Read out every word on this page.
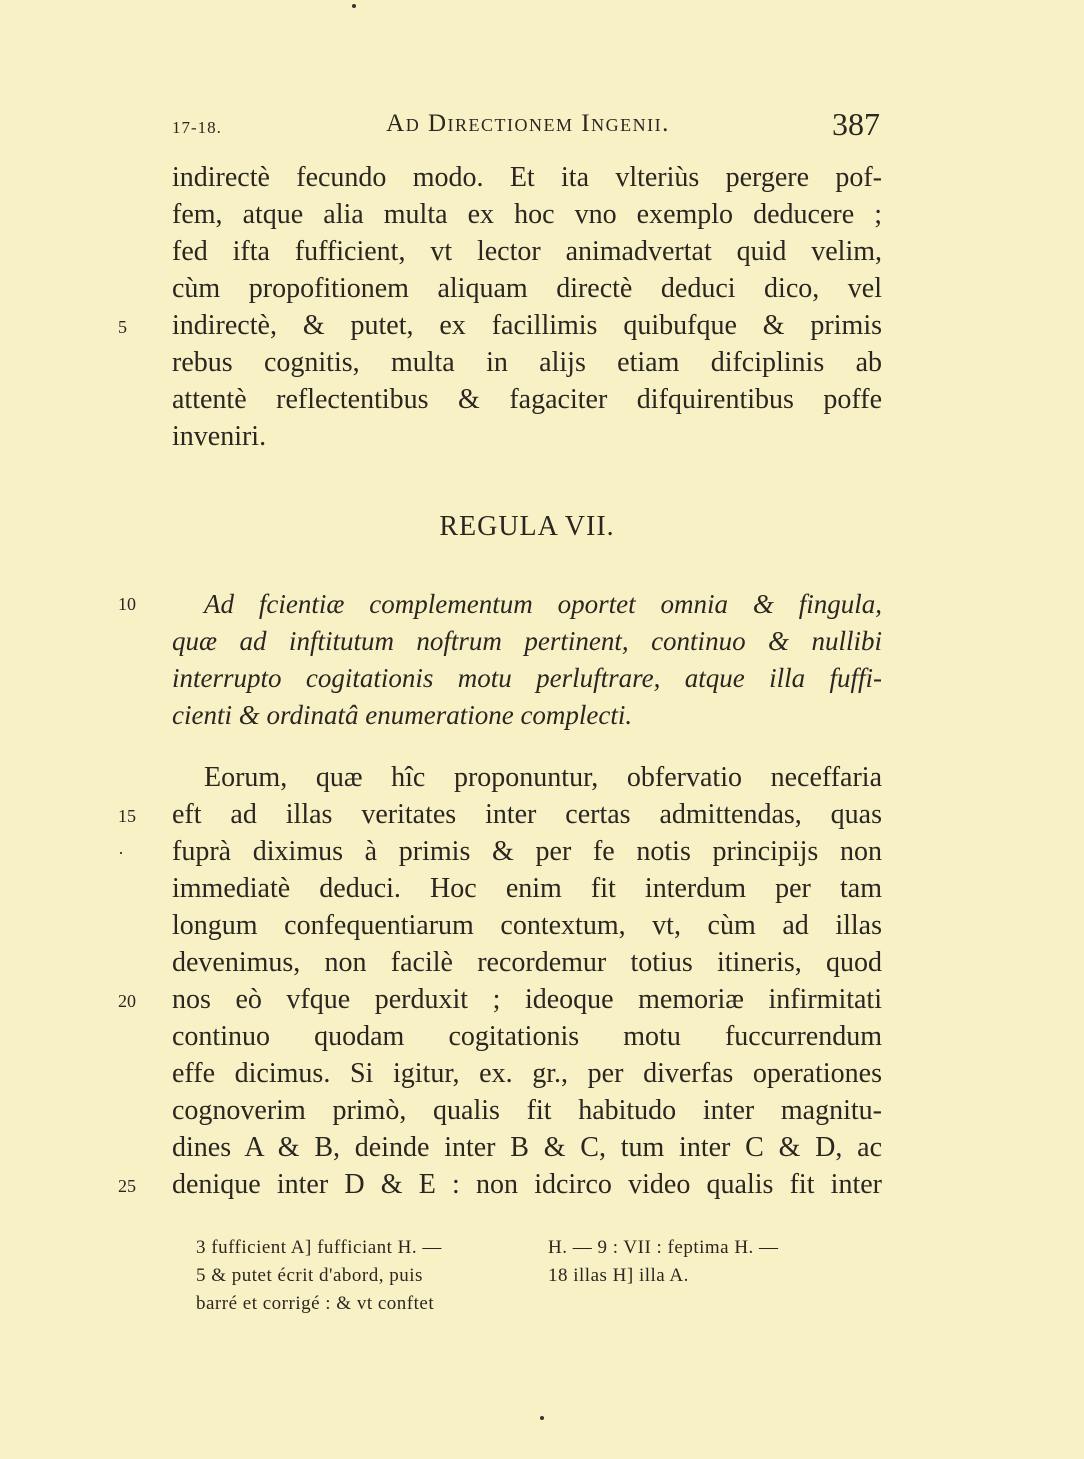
17-18.	Ad Directionem Ingenii.	387
indirectè fecundo modo. Et ita vlteriùs pergere pof-
fem, atque alia multa ex hoc vno exemplo deducere ;
fed ifta fufficient, vt lector animadvertat quid velim,
cùm propofitionem aliquam directè deduci dico, vel
indirectè, & putet, ex facillimis quibufque & primis
rebus cognitis, multa in alijs etiam difciplinis ab
attentè reflectentibus & fagaciter difquirentibus poffe
inveniri.
REGULA VII.
Ad fcientiæ complementum oportet omnia & fingula,
quæ ad inftitutum noftrum pertinent, continuo & nullibi
interrupto cogitationis motu perluftrare, atque illa fuffi-
cienti & ordinatâ enumeratione complecti.
Eorum, quæ hîc proponuntur, obfervatio neceffaria
eft ad illas veritates inter certas admittendas, quas
fuprà diximus à primis & per fe notis principijs non
immediatè deduci. Hoc enim fit interdum per tam
longum confequentiarum contextum, vt, cùm ad illas
devenimus, non facilè recordemur totius itineris, quod
nos eò vfque perduxit ; ideoque memoriæ infirmitati
continuo quodam cogitationis motu fuccurrendum
effe dicimus. Si igitur, ex. gr., per diverfas operationes
cognoverim primò, qualis fit habitudo inter magnitu-
dines A & B, deinde inter B & C, tum inter C & D, ac
denique inter D & E : non idcirco video qualis fit inter
5
10
15
·
20
25
3 fufficient A] fufficiant H. —
5 & putet écrit d'abord, puis
barré et corrigé : & vt conftet
H. — 9 : VII : feptima H. —
18 illas H] illa A.
